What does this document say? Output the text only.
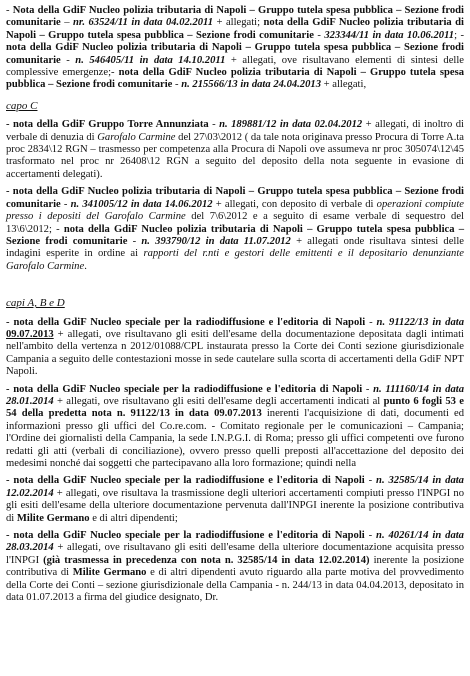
- Nota della GdiF Nucleo polizia tributaria di Napoli – Gruppo tutela spesa pubblica – Sezione frodi comunitarie – nr. 63524/11 in data 04.02.2011 + allegati; nota della GdiF Nucleo polizia tributaria di Napoli – Gruppo tutela spesa pubblica – Sezione frodi comunitarie - 323344/11 in data 10.06.2011; - nota della GdiF Nucleo polizia tributaria di Napoli – Gruppo tutela spesa pubblica – Sezione frodi comunitarie - n. 546405/11 in data 14.10.2011 + allegati, ove risultavano elementi di sintesi delle complessive emergenze;- nota della GdiF Nucleo polizia tributaria di Napoli – Gruppo tutela spesa pubblica – Sezione frodi comunitarie - n. 215566/13 in data 24.04.2013 + allegati,

capo C

- nota della GdiF Gruppo Torre Annunziata - n. 189881/12 in data 02.04.2012 + allegati, di inoltro di verbale di denuzia di Garofalo Carmine del 27\03\2012 ( da tale nota originava presso Procura di Torre A.ta proc 2834\12 RGN – trasmesso per competenza alla Procura di Napoli ove assumeva nr proc 305074\12\45 trasformato nel proc nr 26408\12 RGN a seguito del deposito della nota seguente in evasione di accertamenti delegati).

- nota della GdiF Nucleo polizia tributaria di Napoli – Gruppo tutela spesa pubblica – Sezione frodi comunitarie - n. 341005/12 in data 14.06.2012 + allegati, con deposito di verbale di operazioni compiute presso i depositi del Garofalo Carmine del 7\6\2012 e a seguito di esame verbale di sequestro del 13\6\2012; - nota della GdiF Nucleo polizia tributaria di Napoli – Gruppo tutela spesa pubblica – Sezione frodi comunitarie - n. 393790/12 in data 11.07.2012 + allegati onde risultava sintesi delle indagini esperite in ordine ai rapporti del r.nti e gestori delle emittenti e il depositario denunziante Garofalo Carmine.

capi A, B e D

- nota della GdiF Nucleo speciale per la radiodiffusione e l'editoria di Napoli - n. 91122/13 in data 09.07.2013 + allegati, ove risultavano gli esiti dell'esame della documentazione depositata dagli intimati nell'ambito della vertenza n 2012/01088/CPL instaurata presso la Corte dei Conti sezione giurisdizionale Campania a seguito delle contestazioni mosse in sede cautelare sulla scorta di accertamenti della GdiF NPT Napoli.

- nota della GdiF Nucleo speciale per la radiodiffusione e l'editoria di Napoli - n. 111160/14 in data 28.01.2014 + allegati, ove risultavano gli esiti dell'esame degli accertamenti indicati al punto 6 fogli 53 e 54 della predetta nota n. 91122/13 in data 09.07.2013 inerenti l'acquisizione di dati, documenti ed informazioni presso gli uffici del Co.re.com. - Comitato regionale per le comunicazioni – Campania; l'Ordine dei giornalisti della Campania, la sede I.N.P.G.I. di Roma; presso gli uffici competenti ove furono redatti gli atti (verbali di conciliazione), ovvero presso quelli preposti all'accettazione del deposito dei medesimi nonché dai soggetti che partecipavano alla loro formazione; quindi nella

- nota della GdiF Nucleo speciale per la radiodiffusione e l'editoria di Napoli - n. 32585/14 in data 12.02.2014 + allegati, ove risultava la trasmissione degli ulteriori accertamenti compiuti presso l'INPGI no gli esiti dell'esame della ulteriore documentazione pervenuta dall'INPGI inerente la posizione contributiva di Milite Germano e di altri dipendenti;

- nota della GdiF Nucleo speciale per la radiodiffusione e l'editoria di Napoli - n. 40261/14 in data 28.03.2014 + allegati, ove risultavano gli esiti dell'esame della ulteriore documentazione acquisita presso l'INPGI (già trasmessa in precedenza con nota n. 32585/14 in data 12.02.2014) inerente la posizione contributiva di Milite Germano e di altri dipendenti avuto riguardo alla parte motiva del provvedimento della Corte dei Conti – sezione giurisdizionale della Campania - n. 244/13 in data 04.04.2013, depositato in data 01.07.2013 a firma del giudice designato, Dr.
